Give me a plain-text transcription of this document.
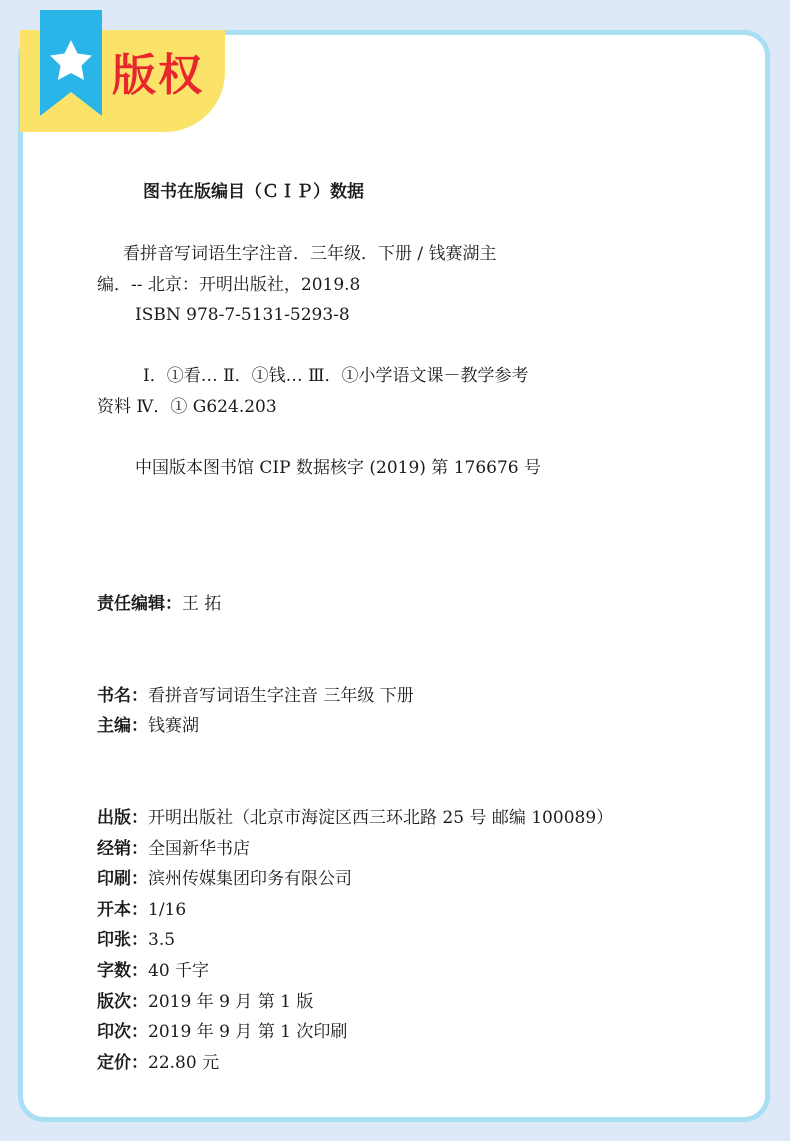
版权
图书在版编目（ＣＩＰ）数据
看拼音写词语生字注音．三年级．下册 / 钱赛湖主
编．-- 北京：开明出版社，2019.8
ISBN 978-7-5131-5293-8
Ⅰ．①看… Ⅱ．①钱… Ⅲ．①小学语文课－教学参考
资料 Ⅳ．① G624.203
中国版本图书馆 CIP 数据核字 (2019) 第 176676 号
责任编辑：王 拓
书名：看拼音写词语生字注音 三年级 下册
主编：钱赛湖
出版：开明出版社（北京市海淀区西三环北路 25 号 邮编 100089）
经销：全国新华书店
印刷：滨州传媒集团印务有限公司
开本：1/16
印张：3.5
字数：40 千字
版次：2019 年 9 月 第 1 版
印次：2019 年 9 月 第 1 次印刷
定价：22.80 元
